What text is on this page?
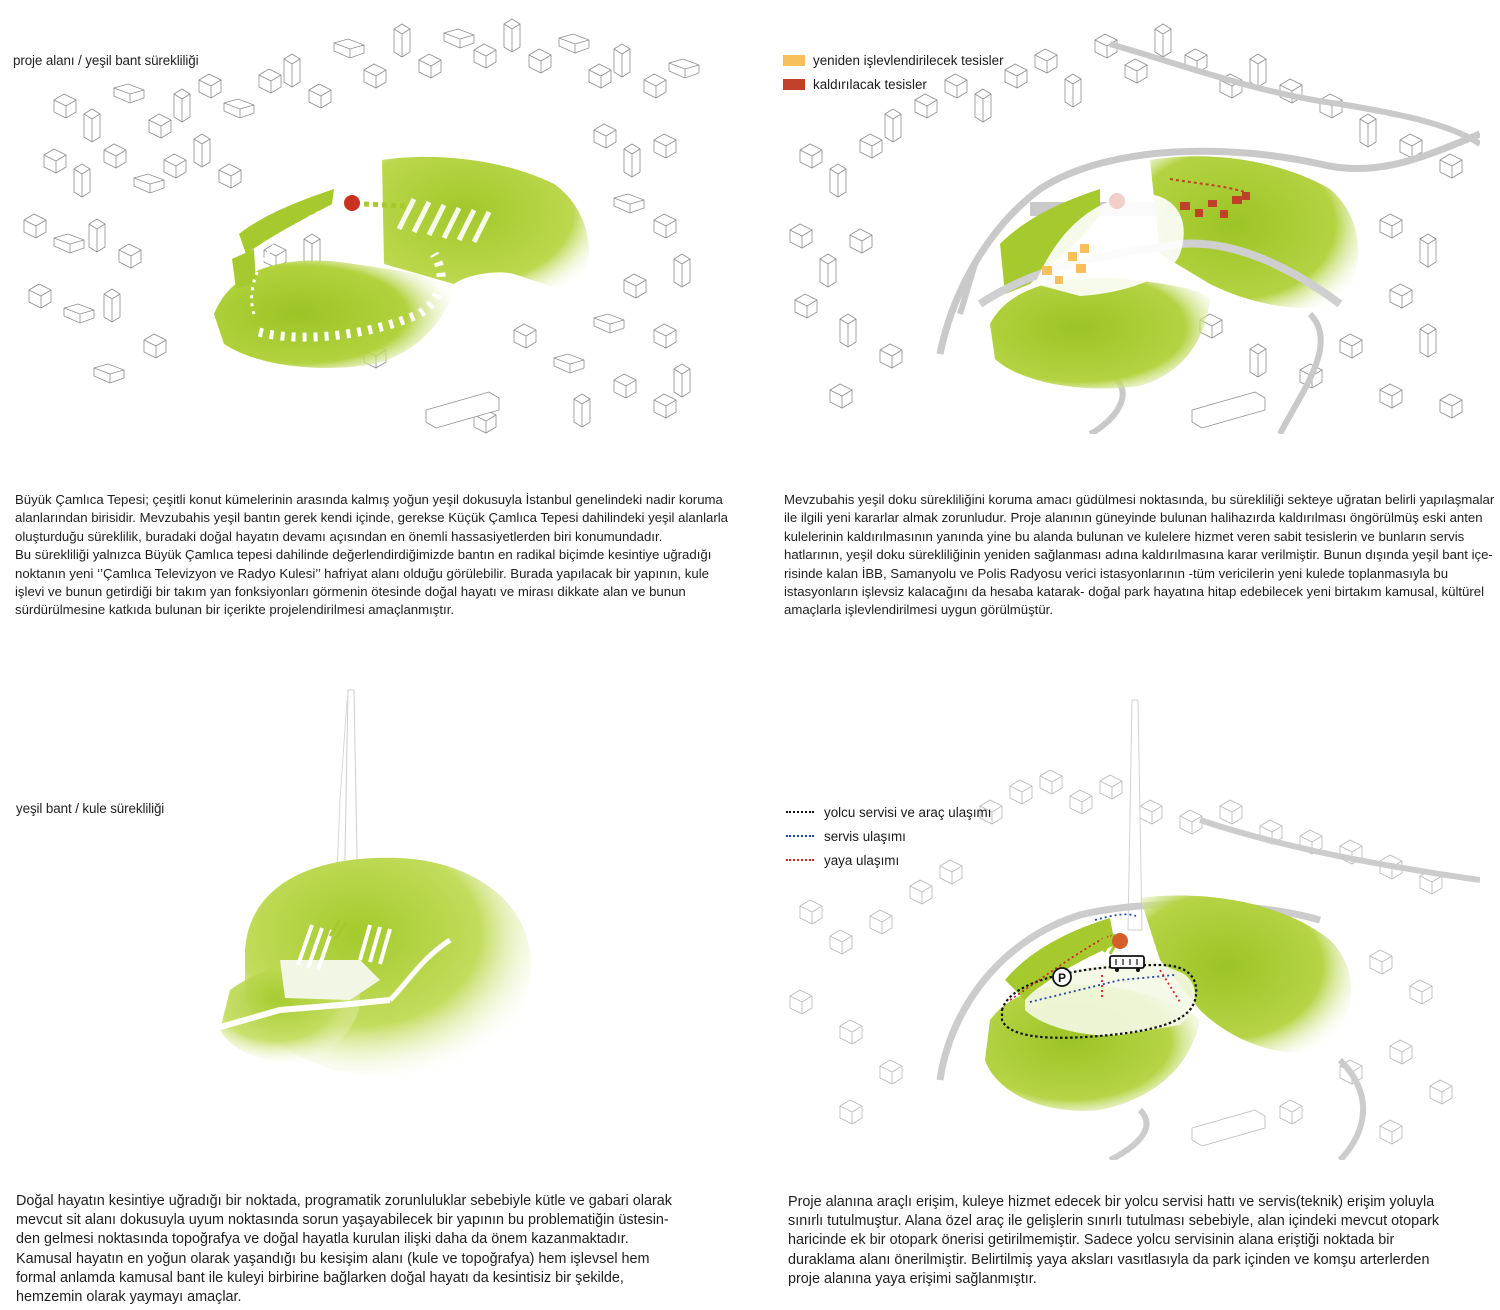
proje alanı / yeşil bant sürekliliği
Büyük Çamlıca Tepesi; çeşitli konut kümelerinin arasında kalmış yoğun yeşil dokusuyla İstanbul genelindeki nadir koruma
alanlarından birisidir. Mevzubahis yeşil bantın gerek kendi içinde, gerekse Küçük Çamlıca Tepesi dahilindeki yeşil alanlarla
oluşturduğu süreklilik, buradaki doğal hayatın devamı açısından en önemli hassasiyetlerden biri konumundadır.
Bu sürekliliği yalnızca Büyük Çamlıca tepesi dahilinde değerlendirdiğimizde bantın en radikal biçimde kesintiye uğradığı
noktanın yeni ‘’Çamlıca Televizyon ve Radyo Kulesi’’ hafriyat alanı olduğu görülebilir. Burada yapılacak bir yapının, kule
işlevi ve bunun getirdiği bir takım yan fonksiyonları görmenin ötesinde doğal hayatı ve mirası dikkate alan ve bunun
sürdürülmesine katkıda bulunan bir içerikte projelendirilmesi amaçlanmıştır.
yeniden işlevlendirilecek tesisler
kaldırılacak tesisler
Mevzubahis yeşil doku sürekliliğini koruma amacı güdülmesi noktasında, bu sürekliliği sekteye uğratan belirli yapılaşmalar
ile ilgili yeni kararlar almak zorunludur. Proje alanının güneyinde bulunan halihazırda kaldırılması öngörülmüş eski anten
kulelerinin kaldırılmasının yanında yine bu alanda bulunan ve kulelere hizmet veren sabit tesislerin ve bunların servis
hatlarının, yeşil doku sürekliliğinin yeniden sağlanması adına kaldırılmasına karar verilmiştir. Bunun dışında yeşil bant içe-
risinde kalan İBB, Samanyolu ve Polis Radyosu verici istasyonlarının -tüm vericilerin yeni kulede toplanmasıyla bu
istasyonların işlevsiz kalacağını da hesaba katarak- doğal park hayatına hitap edebilecek yeni birtakım kamusal, kültürel
amaçlarla işlevlendirilmesi uygun görülmüştür.
yeşil bant / kule sürekliliği
Doğal hayatın kesintiye uğradığı bir noktada, programatik zorunluluklar sebebiyle kütle ve gabari olarak
mevcut sit alanı dokusuyla uyum noktasında sorun yaşayabilecek bir yapının bu problematiğin üstesin-
den gelmesi noktasında topoğrafya ve doğal hayatla kurulan ilişki daha da önem kazanmaktadır.
Kamusal hayatın en yoğun olarak yaşandığı bu kesişim alanı (kule ve topoğrafya) hem işlevsel hem
formal anlamda kamusal bant ile kuleyi birbirine bağlarken doğal hayatı da kesintisiz bir şekilde,
hemzemin olarak yaymayı amaçlar.
P
yolcu servisi ve araç ulaşımı
servis ulaşımı
yaya ulaşımı
Proje alanına araçlı erişim, kuleye hizmet edecek bir yolcu servisi hattı ve servis(teknik) erişim yoluyla
sınırlı tutulmuştur. Alana özel araç ile gelişlerin sınırlı tutulması sebebiyle, alan içindeki mevcut otopark
haricinde ek bir otopark önerisi getirilmemiştir. Sadece yolcu servisinin alana eriştiği noktada bir
duraklama alanı önerilmiştir. Belirtilmiş yaya aksları vasıtlasıyla da park içinden ve komşu arterlerden
proje alanına yaya erişimi sağlanmıştır.
